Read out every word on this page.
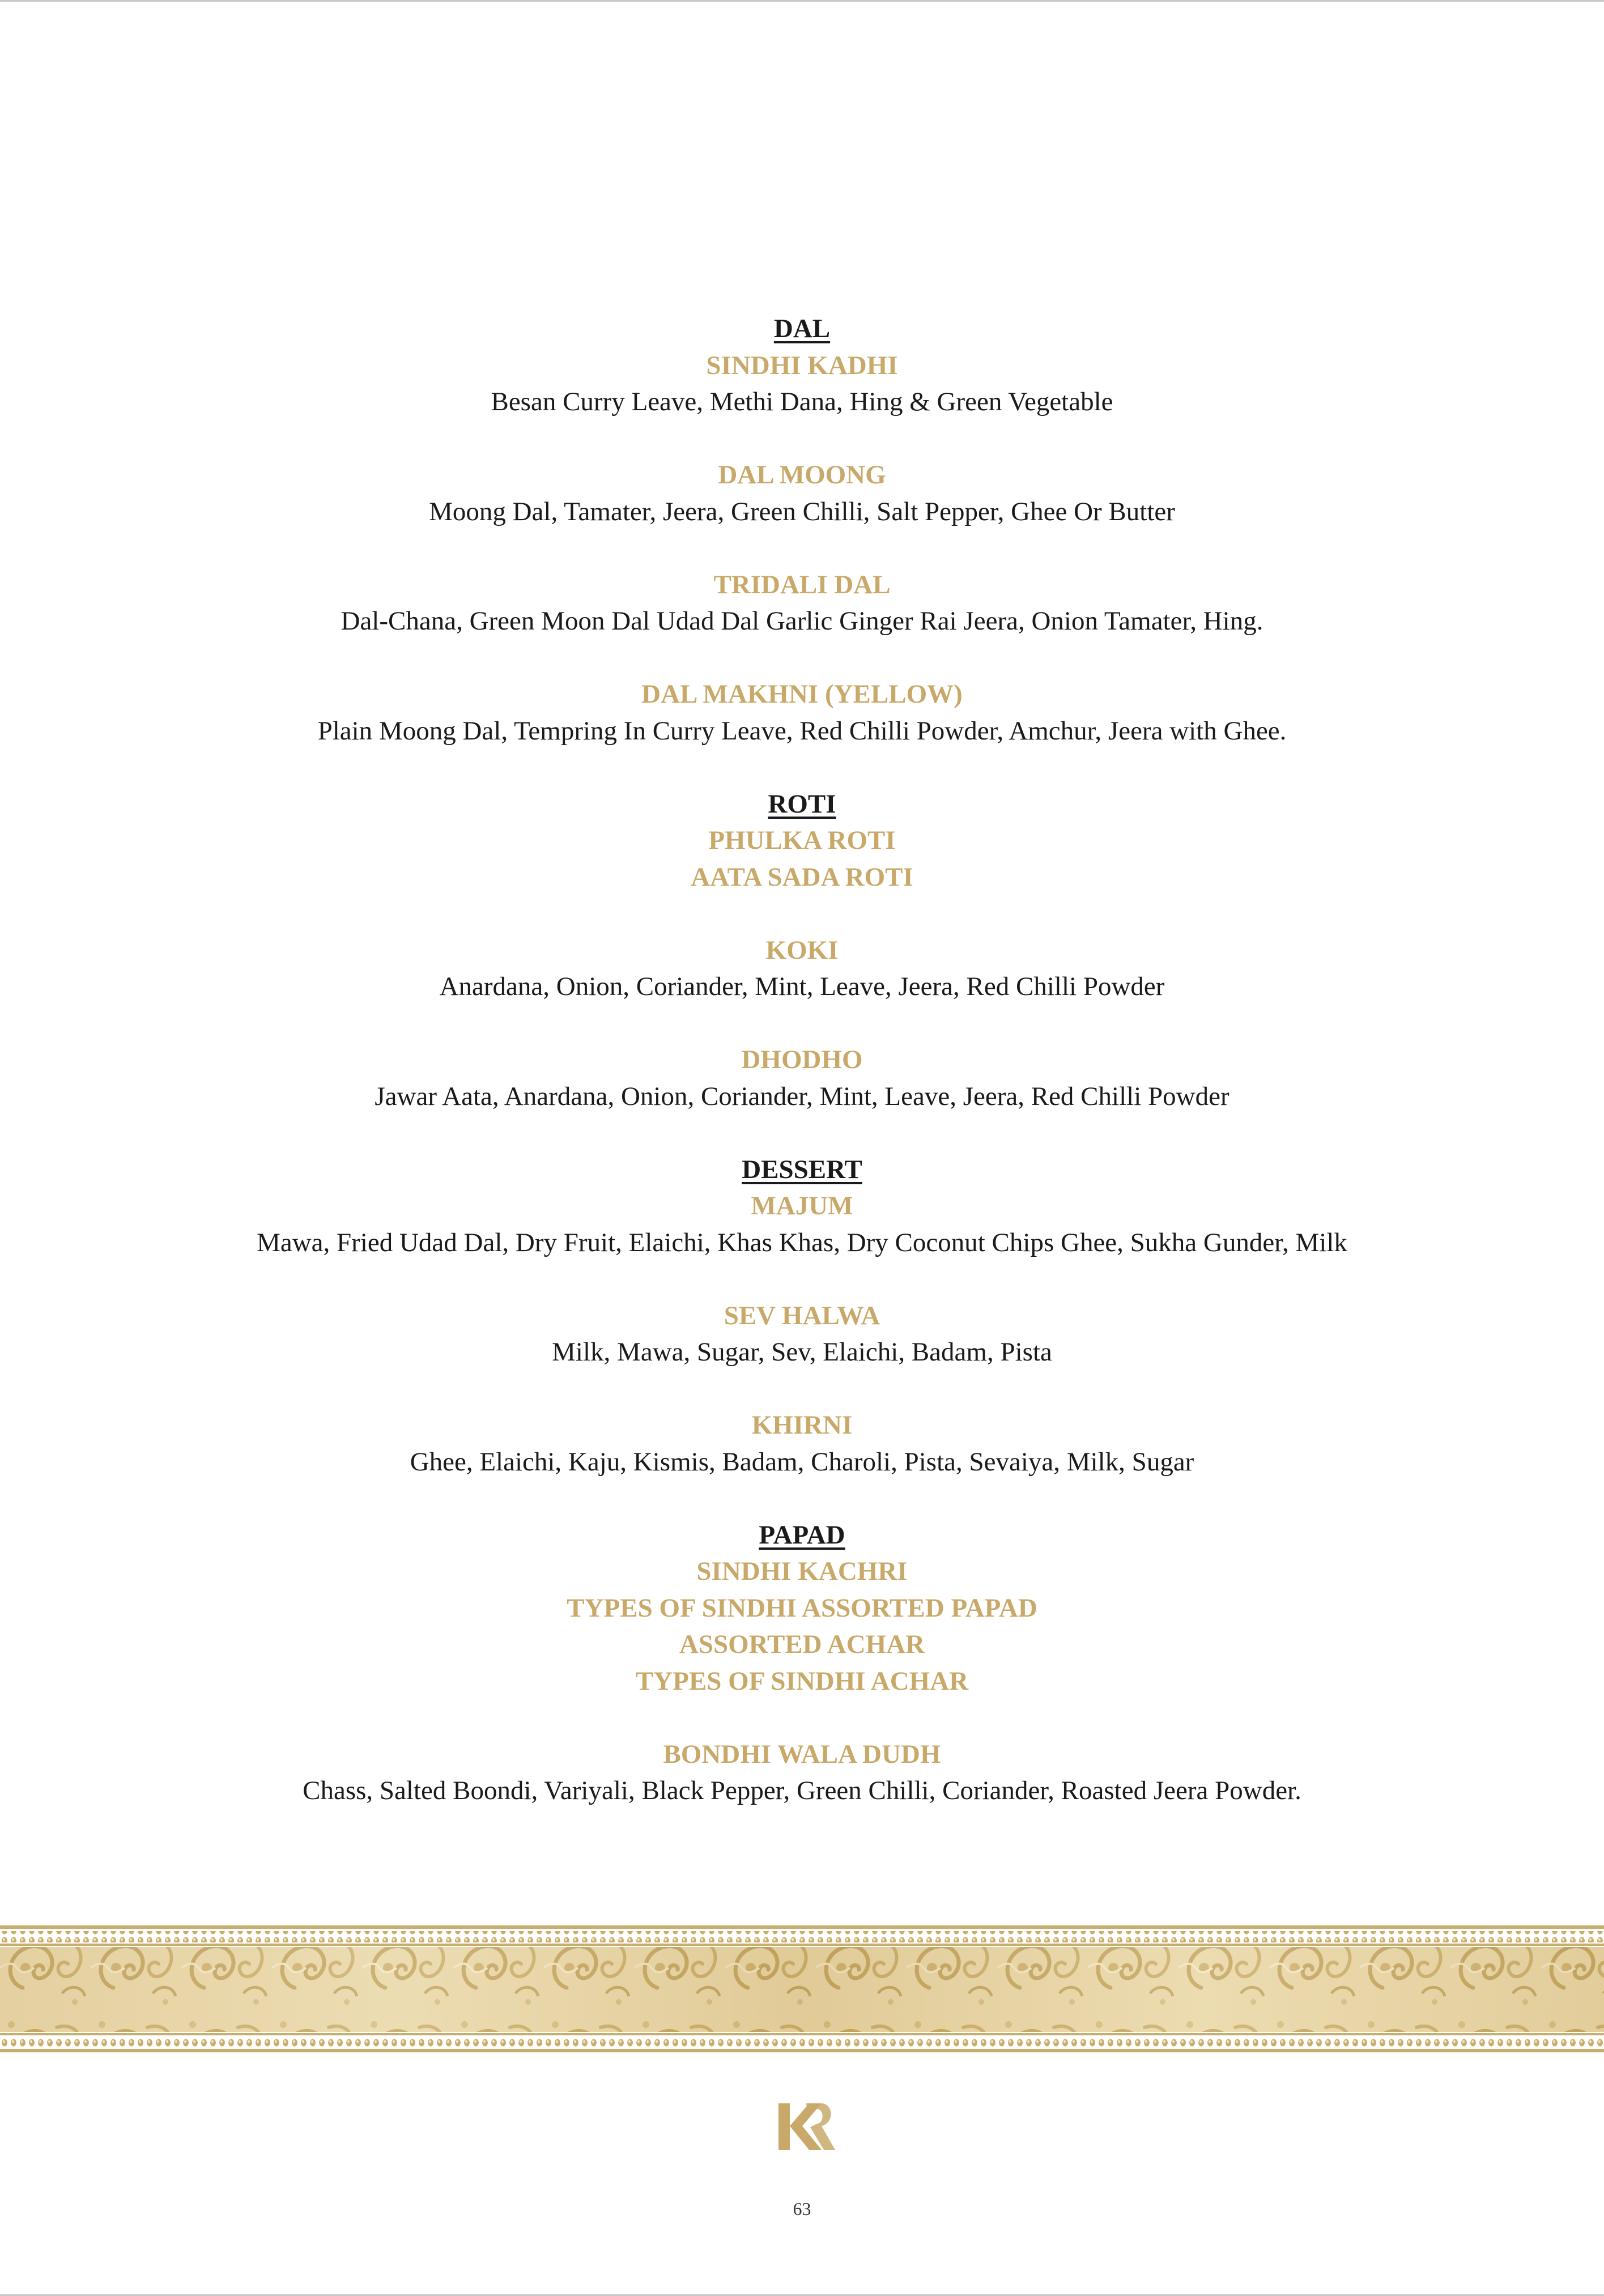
DAL
SINDHI KADHI
Besan Curry Leave, Methi Dana, Hing & Green Vegetable
DAL MOONG
Moong Dal, Tamater, Jeera, Green Chilli, Salt Pepper, Ghee Or Butter
TRIDALI DAL
Dal-Chana, Green Moon Dal Udad Dal Garlic Ginger Rai Jeera, Onion Tamater, Hing.
DAL MAKHNI (YELLOW)
Plain Moong Dal, Tempring In Curry Leave, Red Chilli Powder, Amchur, Jeera with Ghee.
ROTI
PHULKA ROTI
AATA SADA ROTI
KOKI
Anardana, Onion, Coriander, Mint, Leave, Jeera, Red Chilli Powder
DHODHO
Jawar Aata, Anardana, Onion, Coriander, Mint, Leave, Jeera, Red Chilli Powder
DESSERT
MAJUM
Mawa, Fried Udad Dal, Dry Fruit, Elaichi, Khas Khas, Dry Coconut Chips Ghee, Sukha Gunder, Milk
SEV HALWA
Milk, Mawa, Sugar, Sev, Elaichi, Badam, Pista
KHIRNI
Ghee, Elaichi, Kaju, Kismis, Badam, Charoli, Pista, Sevaiya, Milk, Sugar
PAPAD
SINDHI KACHRI
TYPES OF SINDHI ASSORTED PAPAD
ASSORTED ACHAR
TYPES OF SINDHI ACHAR
BONDHI WALA DUDH
Chass, Salted Boondi, Variyali, Black Pepper, Green Chilli, Coriander, Roasted Jeera Powder.
63
